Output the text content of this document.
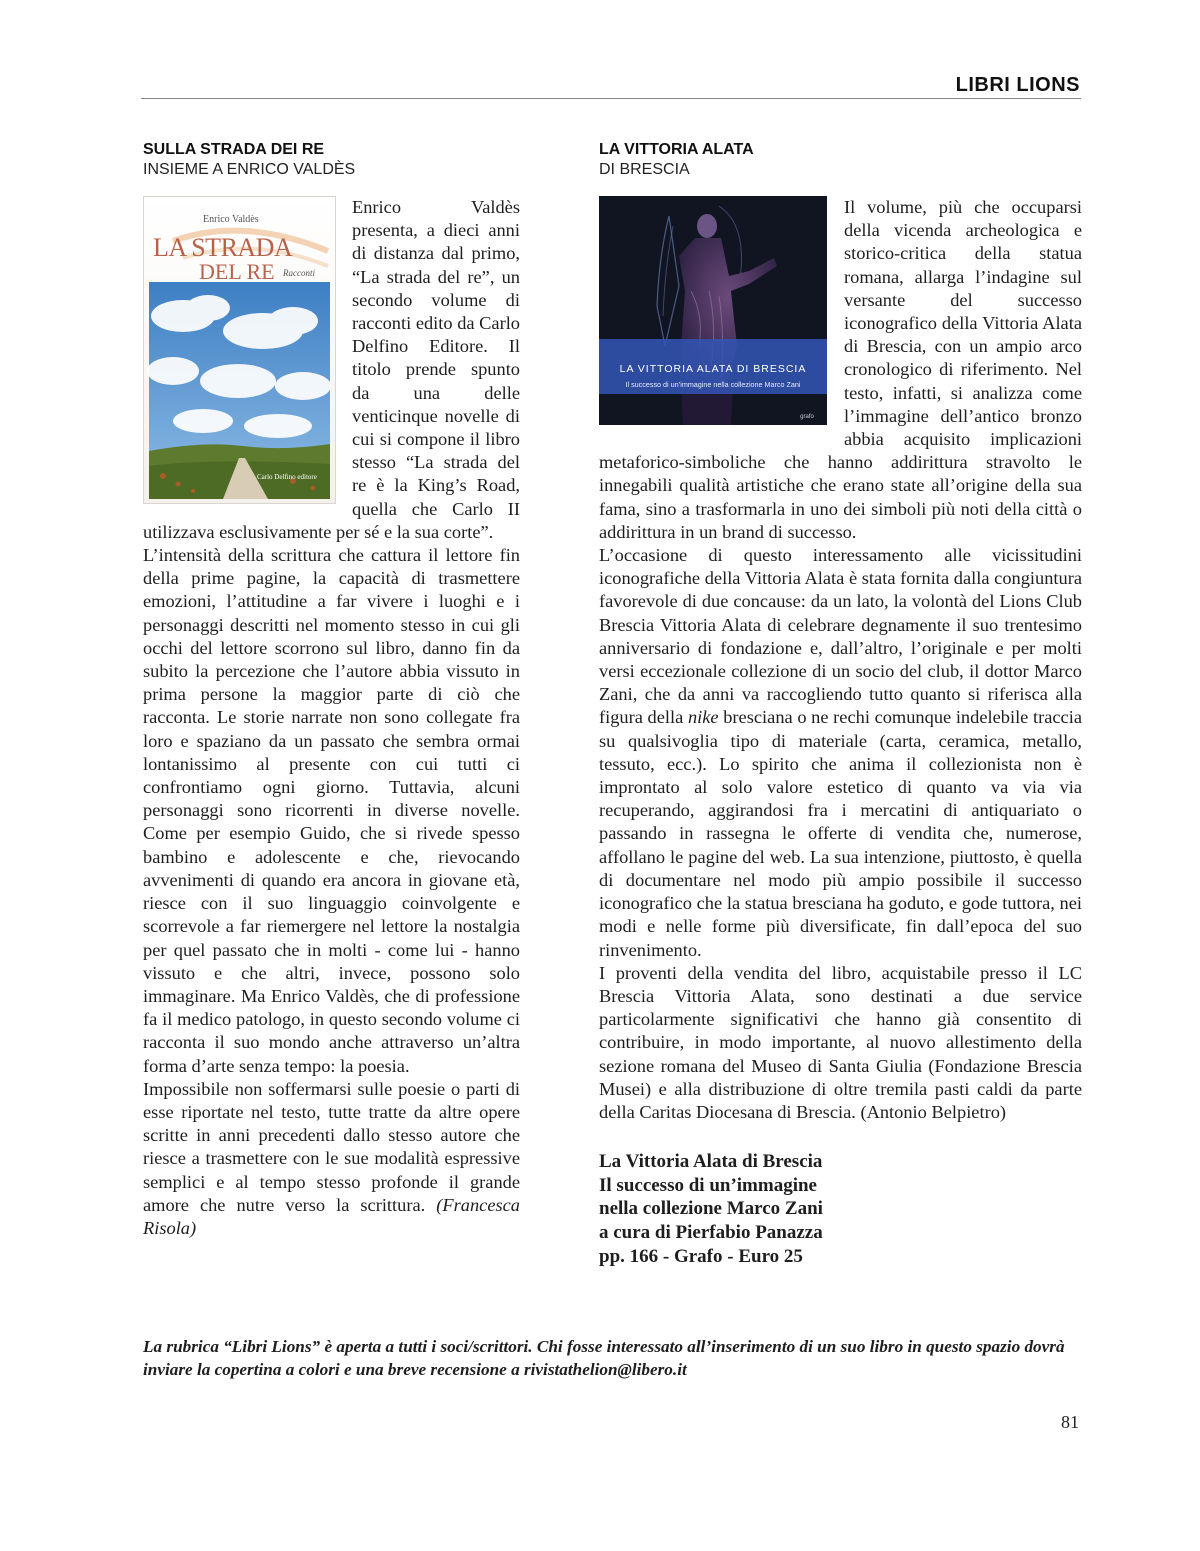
LIBRI LIONS
SULLA STRADA DEI RE
INSIEME A ENRICO VALDÈS
Enrico Valdès
LA STRADA
DEL RE Racconti
Carlo Delfino editore

Enrico Valdès presenta, a dieci anni di distanza dal primo, “La strada del re”, un secondo volume di racconti edito da Carlo Delfino Editore. Il titolo prende spunto da una delle venticinque novelle di cui si compone il libro stesso “La strada del re è la King’s Road, quella che Carlo II utilizzava esclusivamente per sé e la sua corte”.

L’intensità della scrittura che cattura il lettore fin della prime pagine, la capacità di trasmettere emozioni, l’attitudine a far vivere i luoghi e i personaggi descritti nel momento stesso in cui gli occhi del lettore scorrono sul libro, danno fin da subito la percezione che l’autore abbia vissuto in prima persone la maggior parte di ciò che racconta. Le storie narrate non sono collegate fra loro e spaziano da un passato che sembra ormai lontanissimo al presente con cui tutti ci confrontiamo ogni giorno. Tuttavia, alcuni personaggi sono ricorrenti in diverse novelle. Come per esempio Guido, che si rivede spesso bambino e adolescente e che, rievocando avvenimenti di quando era ancora in giovane età, riesce con il suo linguaggio coinvolgente e scorrevole a far riemergere nel lettore la nostalgia per quel passato che in molti - come lui - hanno vissuto e che altri, invece, possono solo immaginare. Ma Enrico Valdès, che di professione fa il medico patologo, in questo secondo volume ci racconta il suo mondo anche attraverso un’altra forma d’arte senza tempo: la poesia.

Impossibile non soffermarsi sulle poesie o parti di esse riportate nel testo, tutte tratte da altre opere scritte in anni precedenti dallo stesso autore che riesce a trasmettere con le sue modalità espressive semplici e al tempo stesso profonde il grande amore che nutre verso la scrittura. (Francesca Risola)

LA VITTORIA ALATA
DI BRESCIA
LA VITTORIA ALATA DI BRESCIA
Il successo di un’immagine nella collezione Marco Zani
grafo

Il volume, più che occuparsi della vicenda archeologica e storico-critica della statua romana, allarga l’indagine sul versante del successo iconografico della Vittoria Alata di Brescia, con un ampio arco cronologico di riferimento. Nel testo, infatti, si analizza come l’immagine dell’antico bronzo abbia acquisito implicazioni metaforico-simboliche che hanno addirittura stravolto le innegabili qualità artistiche che erano state all’origine della sua fama, sino a trasformarla in uno dei simboli più noti della città o addirittura in un brand di successo.

L’occasione di questo interessamento alle vicissitudini iconografiche della Vittoria Alata è stata fornita dalla congiuntura favorevole di due concause: da un lato, la volontà del Lions Club Brescia Vittoria Alata di celebrare degnamente il suo trentesimo anniversario di fondazione e, dall’altro, l’originale e per molti versi eccezionale collezione di un socio del club, il dottor Marco Zani, che da anni va raccogliendo tutto quanto si riferisca alla figura della nike bresciana o ne rechi comunque indelebile traccia su qualsivoglia tipo di materiale (carta, ceramica, metallo, tessuto, ecc.). Lo spirito che anima il collezionista non è improntato al solo valore estetico di quanto va via via recuperando, aggirandosi fra i mercatini di antiquariato o passando in rassegna le offerte di vendita che, numerose, affollano le pagine del web. La sua intenzione, piuttosto, è quella di documentare nel modo più ampio possibile il successo iconografico che la statua bresciana ha goduto, e gode tuttora, nei modi e nelle forme più diversificate, fin dall’epoca del suo rinvenimento.

I proventi della vendita del libro, acquistabile presso il LC Brescia Vittoria Alata, sono destinati a due service particolarmente significativi che hanno già consentito di contribuire, in modo importante, al nuovo allestimento della sezione romana del Museo di Santa Giulia (Fondazione Brescia Musei) e alla distribuzione di oltre tremila pasti caldi da parte della Caritas Diocesana di Brescia. (Antonio Belpietro)

La Vittoria Alata di Brescia
Il successo di un’immagine
nella collezione Marco Zani
a cura di Pierfabio Panazza
pp. 166 - Grafo - Euro 25
La rubrica “Libri Lions” è aperta a tutti i soci/scrittori. Chi fosse interessato all’inserimento di un suo libro in questo spazio dovrà inviare la copertina a colori e una breve recensione a rivistathelion@libero.it
81
